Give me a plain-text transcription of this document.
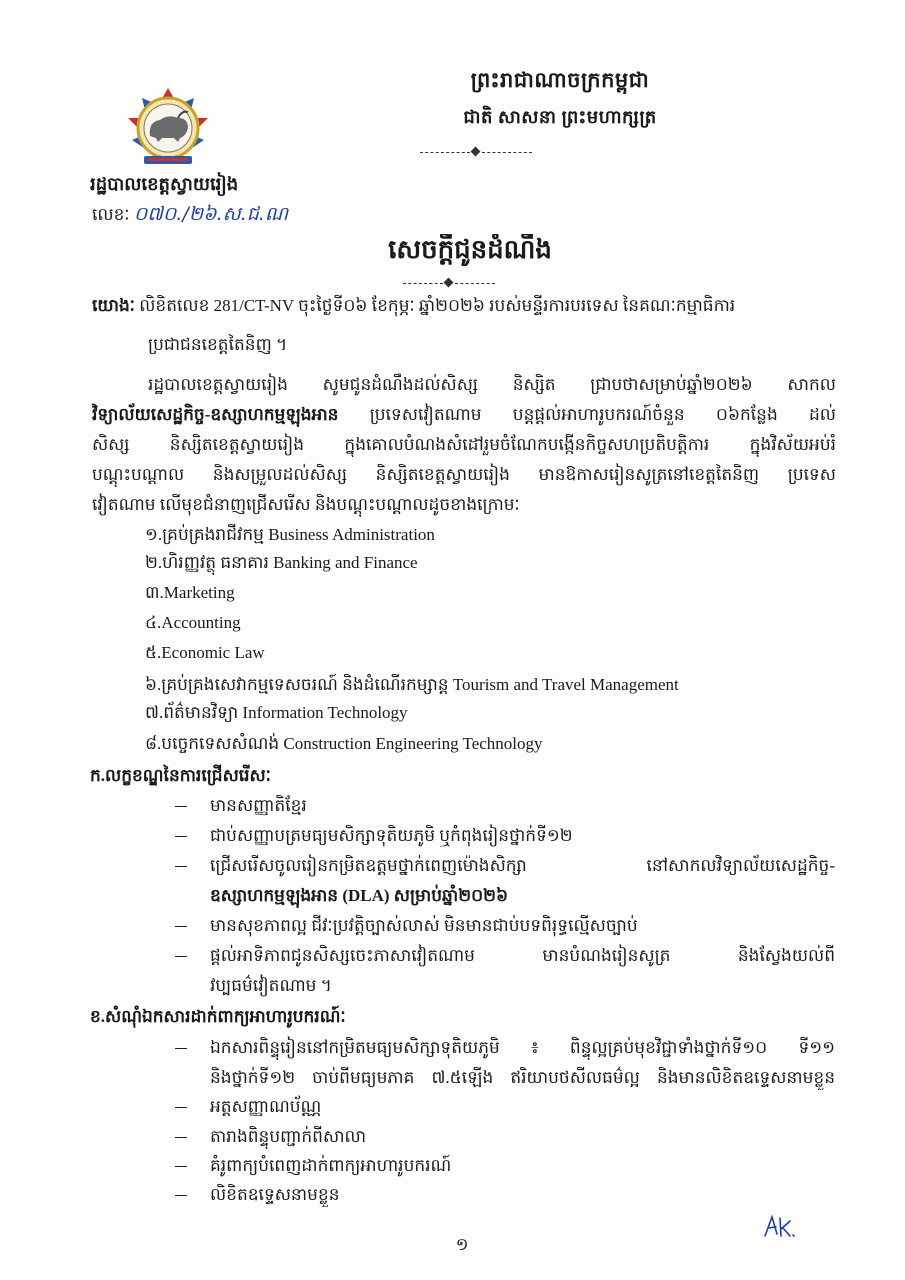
ព្រះរាជាណាចក្រកម្ពុជា
ជាតិ សាសនា ព្រះមហាក្សត្រ
រដ្ឋបាលខេត្តស្វាយរៀង
លេខៈ ០៧០./២៦.ស.ជ.ណ
សេចក្ដីជូនដំណឹង
យោងៈ លិខិតលេខ 281/CT-NV ចុះថ្ងៃទី០៦ ខែកុម្ភៈ ឆ្នាំ២០២៦ របស់មន្ទីរការបរទេស នៃគណៈកម្មាធិការ
ប្រជាជនខេត្តតៃនិញ ។
រដ្ឋបាលខេត្តស្វាយរៀង សូមជូនដំណឹងដល់សិស្ស និស្សិត ជ្រាបថាសម្រាប់ឆ្នាំ២០២៦ សាកល
វិទ្យាល័យសេដ្ឋកិច្ច-ឧស្សាហកម្មឡុងអាន ប្រទេសវៀតណាម បន្តផ្ដល់អាហារូបករណ៍ចំនួន ០៦កន្លែង ដល់
សិស្ស និស្សិតខេត្តស្វាយរៀង ក្នុងគោលបំណងសំដៅរួមចំណែកបង្កើនកិច្ចសហប្រតិបត្តិការ ក្នុងវិស័យអប់រំ
បណ្ដុះបណ្ដាល និងសម្រួលដល់សិស្ស និស្សិតខេត្តស្វាយរៀង មានឱកាសរៀនសូត្រនៅខេត្តតៃនិញ ប្រទេស
វៀតណាម លើមុខជំនាញជ្រើសរើស និងបណ្ដុះបណ្ដាលដូចខាងក្រោមៈ
១.គ្រប់គ្រងរាជីវកម្ម Business Administration
២.ហិរញ្ញវត្ថុ ធនាគារ Banking and Finance
៣.Marketing
៤.Accounting
៥.Economic Law
៦.គ្រប់គ្រងសេវាកម្មទេសចរណ៍ និងដំណើរកម្សាន្ត Tourism and Travel Management
៧.ព័ត៌មានវិទ្យា Information Technology
៨.បច្ចេកទេសសំណង់ Construction Engineering Technology
ក.លក្ខខណ្ឌនៃការជ្រើសរើសៈ
មានសញ្ញាតិខ្មែរ
ជាប់សញ្ញាបត្រមធ្យមសិក្សាទុតិយភូមិ ឬកំពុងរៀនថ្នាក់ទី១២
ជ្រើសរើសចូលរៀនកម្រិតឧត្តមថ្នាក់ពេញម៉ោងសិក្សា នៅសាកលវិទ្យាល័យសេដ្ឋកិច្ច-
ឧស្សាហកម្មឡុងអាន (DLA) សម្រាប់ឆ្នាំ២០២៦
មានសុខភាពល្អ ជីវៈប្រវត្តិច្បាស់លាស់ មិនមានជាប់បទពិរុទ្ធល្មើសច្បាប់
ផ្ដល់អាទិភាពជូនសិស្សចេះភាសាវៀតណាម មានបំណងរៀនសូត្រ និងស្វែងយល់ពី
វប្បធម៌វៀតណាម ។
ខ.សំណុំឯកសារដាក់ពាក្យអាហារូបករណ៍ៈ
ឯកសារពិន្ទុរៀននៅកម្រិតមធ្យមសិក្សាទុតិយភូមិ ៖ ពិន្ទុល្អគ្រប់មុខវិជ្ជាទាំងថ្នាក់ទី១០ ទី១១
និងថ្នាក់ទី១២ ចាប់ពីមធ្យមភាគ ៧.៥ឡើង ឥរិយាបថសីលធម៌ល្អ និងមានលិខិតឧទ្ទេសនាមខ្លួន
អត្តសញ្ញាណប័ណ្ណ
តារាងពិន្ទុបញ្ជាក់ពីសាលា
គំរូពាក្យបំពេញដាក់ពាក្យអាហារូបករណ៍
លិខិតឧទ្ទេសនាមខ្លួន
១
